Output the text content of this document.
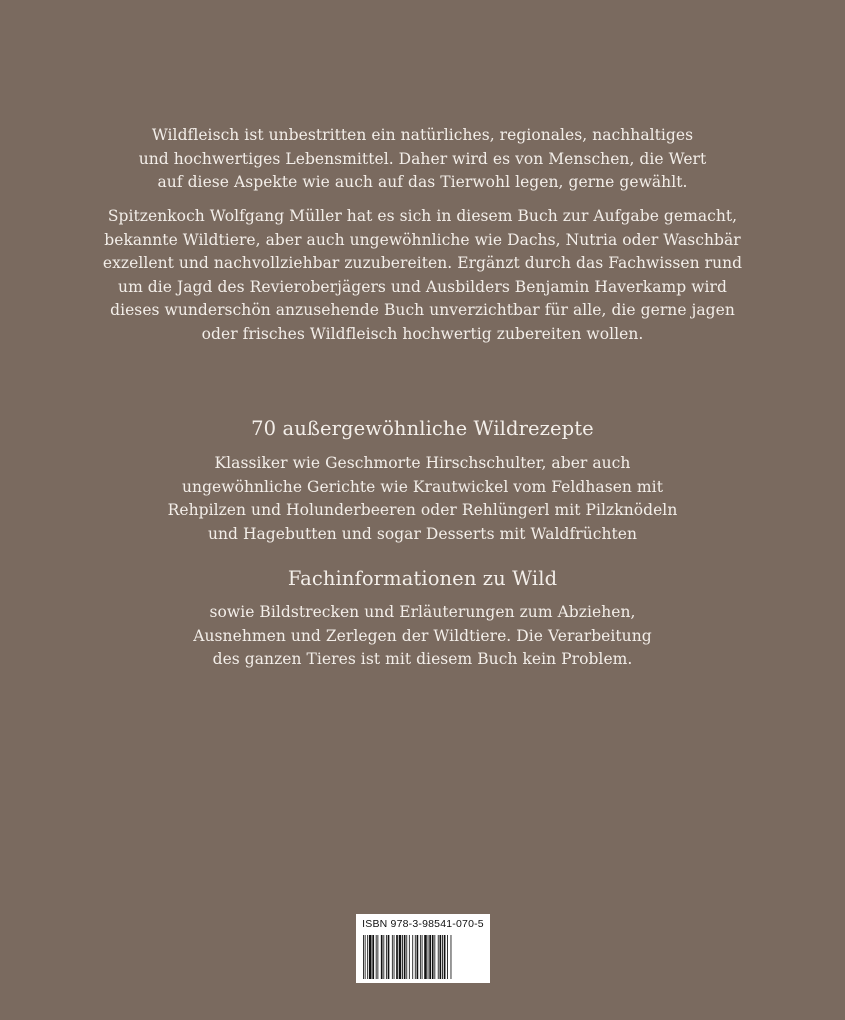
Wildfleisch ist unbestritten ein natürliches, regionales, nachhaltiges
und hochwertiges Lebensmittel. Daher wird es von Menschen, die Wert
auf diese Aspekte wie auch auf das Tierwohl legen, gerne gewählt.
Spitzenkoch Wolfgang Müller hat es sich in diesem Buch zur Aufgabe gemacht,
bekannte Wildtiere, aber auch ungewöhnliche wie Dachs, Nutria oder Waschbär
exzellent und nachvollziehbar zuzubereiten. Ergänzt durch das Fachwissen rund
um die Jagd des Revieroberjägers und Ausbilders Benjamin Haverkamp wird
dieses wunderschön anzusehende Buch unverzichtbar für alle, die gerne jagen
oder frisches Wildfleisch hochwertig zubereiten wollen.
70 außergewöhnliche Wildrezepte
Klassiker wie Geschmorte Hirschschulter, aber auch
ungewöhnliche Gerichte wie Krautwickel vom Feldhasen mit
Rehpilzen und Holunderbeeren oder Rehlüngerl mit Pilzknödeln
und Hagebutten und sogar Desserts mit Waldfrüchten
Fachinformationen zu Wild
sowie Bildstrecken und Erläuterungen zum Abziehen,
Ausnehmen und Zerlegen der Wildtiere. Die Verarbeitung
des ganzen Tieres ist mit diesem Buch kein Problem.
ISBN 978-3-98541-070-5
